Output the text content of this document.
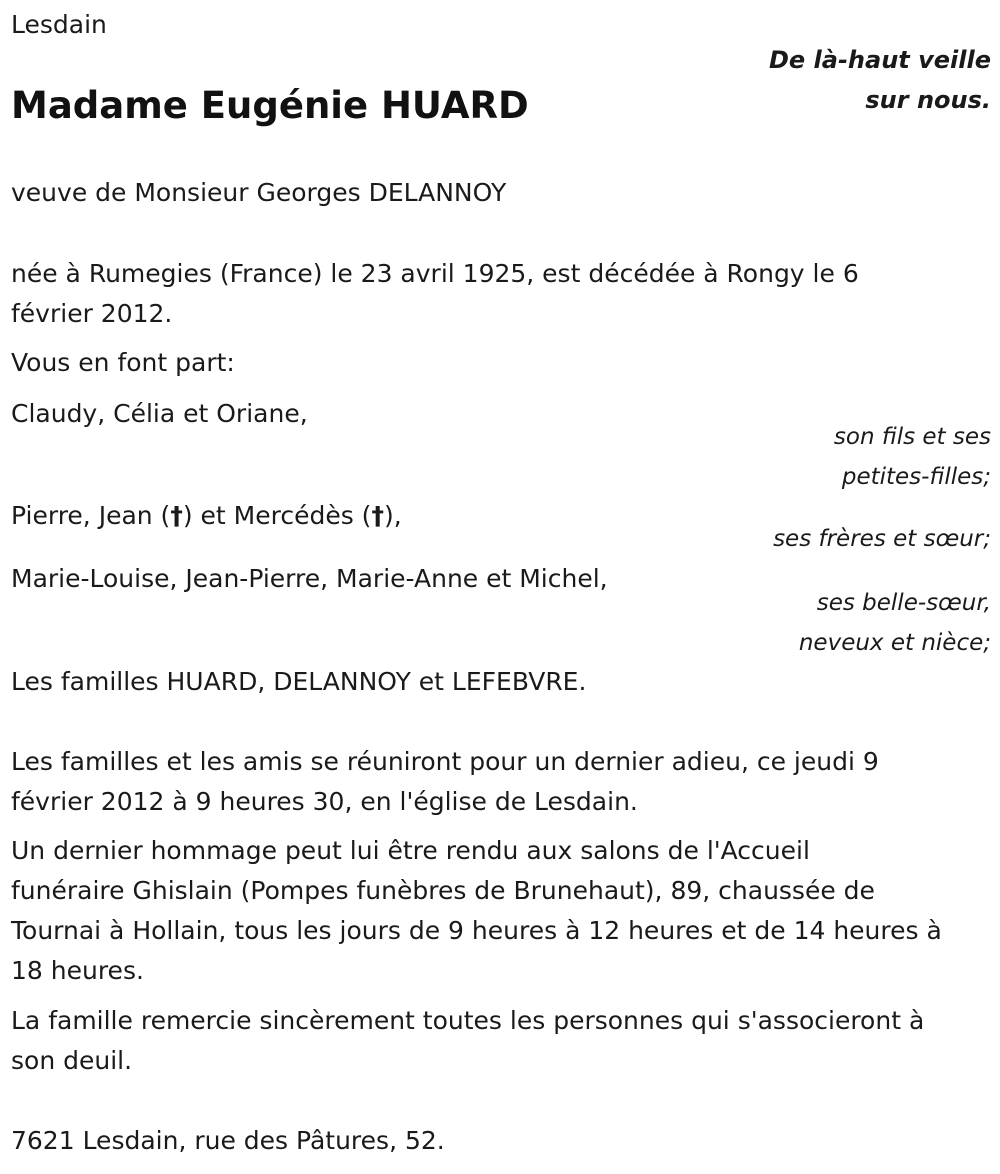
Lesdain

De là-haut veille
sur nous.
Madame Eugénie HUARD

veuve de Monsieur Georges DELANNOY

née à Rumegies (France) le 23 avril 1925, est décédée à Rongy le 6
février 2012.

Vous en font part:

Claudy, Célia et Oriane,

son fils et ses
petites-filles;

Pierre, Jean (†) et Mercédès (†),

ses frères et sœur;

Marie-Louise, Jean-Pierre, Marie-Anne et Michel,

ses belle-sœur,
neveux et nièce;

Les familles HUARD, DELANNOY et LEFEBVRE.

Les familles et les amis se réuniront pour un dernier adieu, ce jeudi 9
février 2012 à 9 heures 30, en l'église de Lesdain.
Un dernier hommage peut lui être rendu aux salons de l'Accueil
funéraire Ghislain (Pompes funèbres de Brunehaut), 89, chaussée de
Tournai à Hollain, tous les jours de 9 heures à 12 heures et de 14 heures à
18 heures.
La famille remercie sincèrement toutes les personnes qui s'associeront à
son deuil.

7621 Lesdain, rue des Pâtures, 52.
